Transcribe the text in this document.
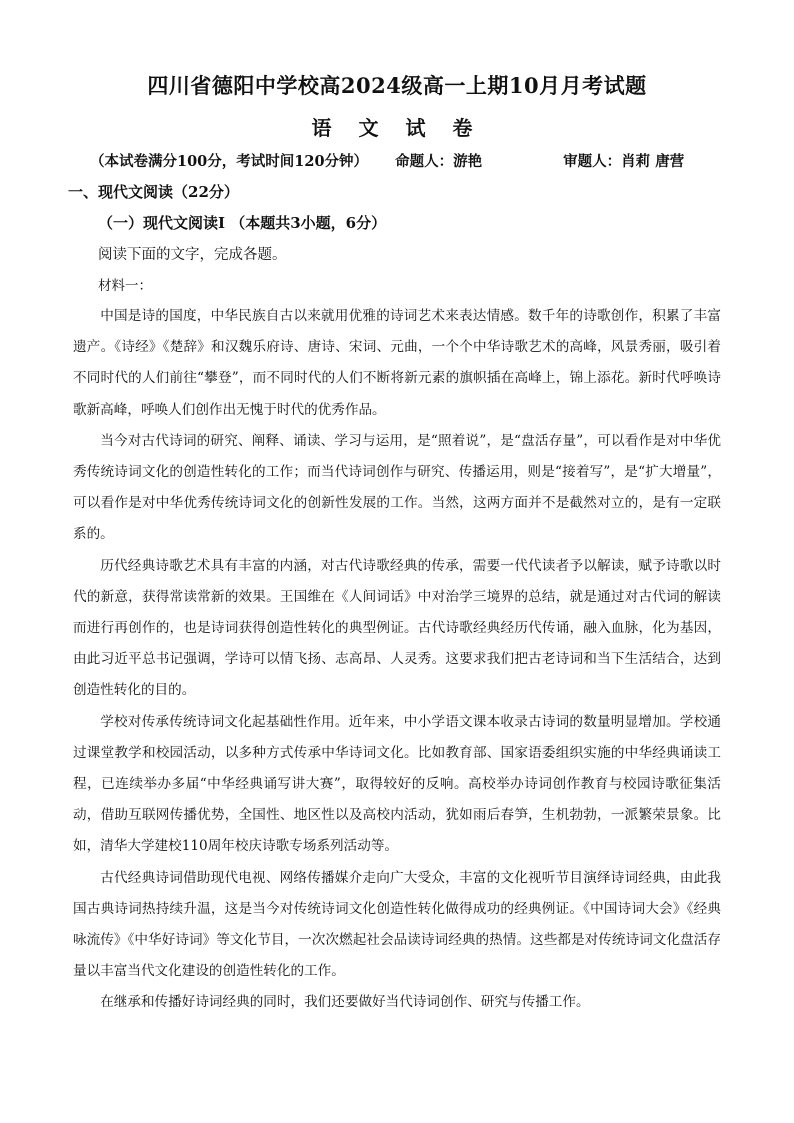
四川省德阳中学校高2024级高一上期10月月考试题
语 文 试 卷
（本试卷满分100分，考试时间120分钟） 命题人：游艳	审题人：肖莉 唐营
一、现代文阅读（22分）
（一）现代文阅读Ⅰ （本题共3小题，6分）
阅读下面的文字，完成各题。
材料一：

中国是诗的国度，中华民族自古以来就用优雅的诗词艺术来表达情感。数千年的诗歌创作，积累了丰富遗产。《诗经》《楚辞》和汉魏乐府诗、唐诗、宋词、元曲，一个个中华诗歌艺术的高峰，风景秀丽，吸引着不同时代的人们前往“攀登”，而不同时代的人们不断将新元素的旗帜插在高峰上，锦上添花。新时代呼唤诗歌新高峰，呼唤人们创作出无愧于时代的优秀作品。

当今对古代诗词的研究、阐释、诵读、学习与运用，是“照着说”，是“盘活存量”，可以看作是对中华优秀传统诗词文化的创造性转化的工作；而当代诗词创作与研究、传播运用，则是“接着写”，是“扩大增量”，可以看作是对中华优秀传统诗词文化的创新性发展的工作。当然，这两方面并不是截然对立的，是有一定联系的。

历代经典诗歌艺术具有丰富的内涵，对古代诗歌经典的传承，需要一代代读者予以解读，赋予诗歌以时代的新意，获得常读常新的效果。王国维在《人间词话》中对治学三境界的总结，就是通过对古代词的解读而进行再创作的，也是诗词获得创造性转化的典型例证。古代诗歌经典经历代传诵，融入血脉，化为基因，由此习近平总书记强调，学诗可以情飞扬、志高昂、人灵秀。这要求我们把古老诗词和当下生活结合，达到创造性转化的目的。

学校对传承传统诗词文化起基础性作用。近年来，中小学语文课本收录古诗词的数量明显增加。学校通过课堂教学和校园活动，以多种方式传承中华诗词文化。比如教育部、国家语委组织实施的中华经典诵读工程，已连续举办多届“中华经典诵写讲大赛”，取得较好的反响。高校举办诗词创作教育与校园诗歌征集活动，借助互联网传播优势，全国性、地区性以及高校内活动，犹如雨后春笋，生机勃勃，一派繁荣景象。比如，清华大学建校110周年校庆诗歌专场系列活动等。

古代经典诗词借助现代电视、网络传播媒介走向广大受众，丰富的文化视听节目演绎诗词经典，由此我国古典诗词热持续升温，这是当今对传统诗词文化创造性转化做得成功的经典例证。《中国诗词大会》《经典咏流传》《中华好诗词》等文化节目，一次次燃起社会品读诗词经典的热情。这些都是对传统诗词文化盘活存量以丰富当代文化建设的创造性转化的工作。

在继承和传播好诗词经典的同时，我们还要做好当代诗词创作、研究与传播工作。
